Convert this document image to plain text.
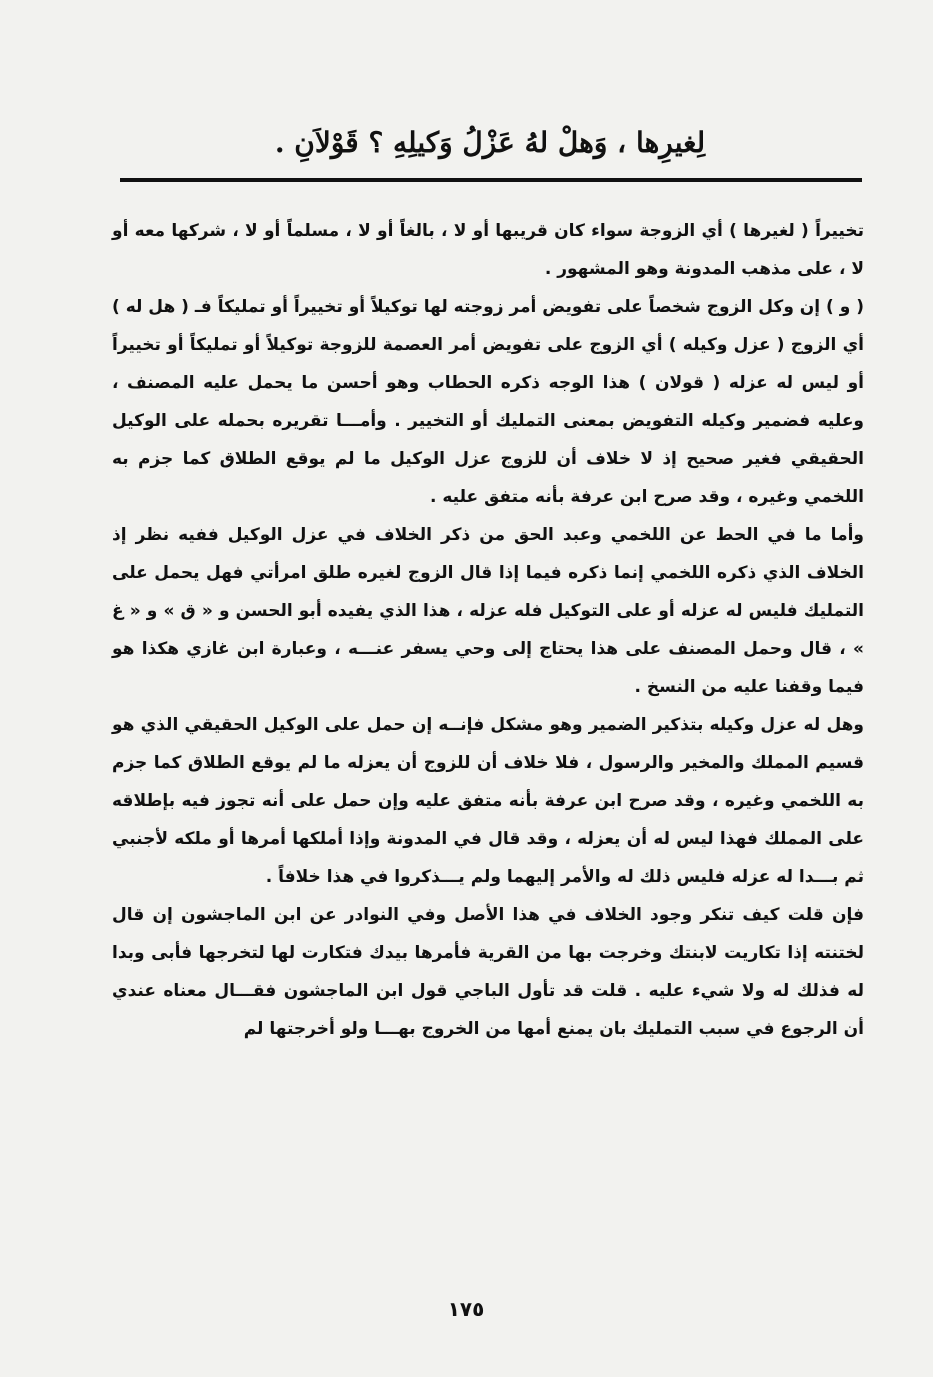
لِغيرِها ، وَهلْ لهُ عَزْلُ وَكيلِهِ ؟ قَوْلاَنِ .

تخييراً ( لغيرها ) أي الزوجة سواء كان قريبها أو لا ، بالغاً أو لا ، مسلماً أو لا ، شركها معه أو لا ، على مذهب المدونة وهو المشهور .

( و ) إن وكل الزوج شخصاً على تفويض أمر زوجته لها توكيلاً أو تخييراً أو تمليكاً فـ ( هل له ) أي الزوج ( عزل وكيله ) أي الزوج على تفويض أمر العصمة للزوجة توكيلاً أو تمليكاً أو تخييراً أو ليس له عزله ( قولان ) هذا الوجه ذكره الحطاب وهو أحسن ما يحمل عليه المصنف ، وعليه فضمير وكيله التفويض بمعنى التمليك أو التخيير . وأمـــا تقريره بحمله على الوكيل الحقيقي فغير صحيح إذ لا خلاف أن للزوج عزل الوكيل ما لم يوقع الطلاق كما جزم به اللخمي وغيره ، وقد صرح ابن عرفة بأنه متفق عليه .

وأما ما في الحط عن اللخمي وعبد الحق من ذكر الخلاف في عزل الوكيل ففيه نظر إذ الخلاف الذي ذكره اللخمي إنما ذكره فيما إذا قال الزوج لغيره طلق امرأتي فهل يحمل على التمليك فليس له عزله أو على التوكيل فله عزله ، هذا الذي يفيده أبو الحسن و « ق » و « غ » ، قال وحمل المصنف على هذا يحتاج إلى وحي يسفر عنـــه ، وعبارة ابن غازي هكذا هو فيما وقفنا عليه من النسخ .

وهل له عزل وكيله بتذكير الضمير وهو مشكل فإنــه إن حمل على الوكيل الحقيقي الذي هو قسيم المملك والمخير والرسول ، فلا خلاف أن للزوج أن يعزله ما لم يوقع الطلاق كما جزم به اللخمي وغيره ، وقد صرح ابن عرفة بأنه متفق عليه وإن حمل على أنه تجوز فيه بإطلاقه على المملك فهذا ليس له أن يعزله ، وقد قال في المدونة وإذا أملكها أمرها أو ملكه لأجنبي ثم بـــدا له عزله فليس ذلك له والأمر إليهما ولم يـــذكروا في هذا خلافاً .

فإن قلت كيف تنكر وجود الخلاف في هذا الأصل وفي النوادر عن ابن الماجشون إن قال لختنته إذا تكاريت لابنتك وخرجت بها من القرية فأمرها بيدك فتكارت لها لتخرجها فأبى وبدا له فذلك له ولا شيء عليه . قلت قد تأول الباجي قول ابن الماجشون فقـــال معناه عندي أن الرجوع في سبب التمليك بان يمنع أمها من الخروج بهـــا ولو أخرجتها لم

١٧٥
